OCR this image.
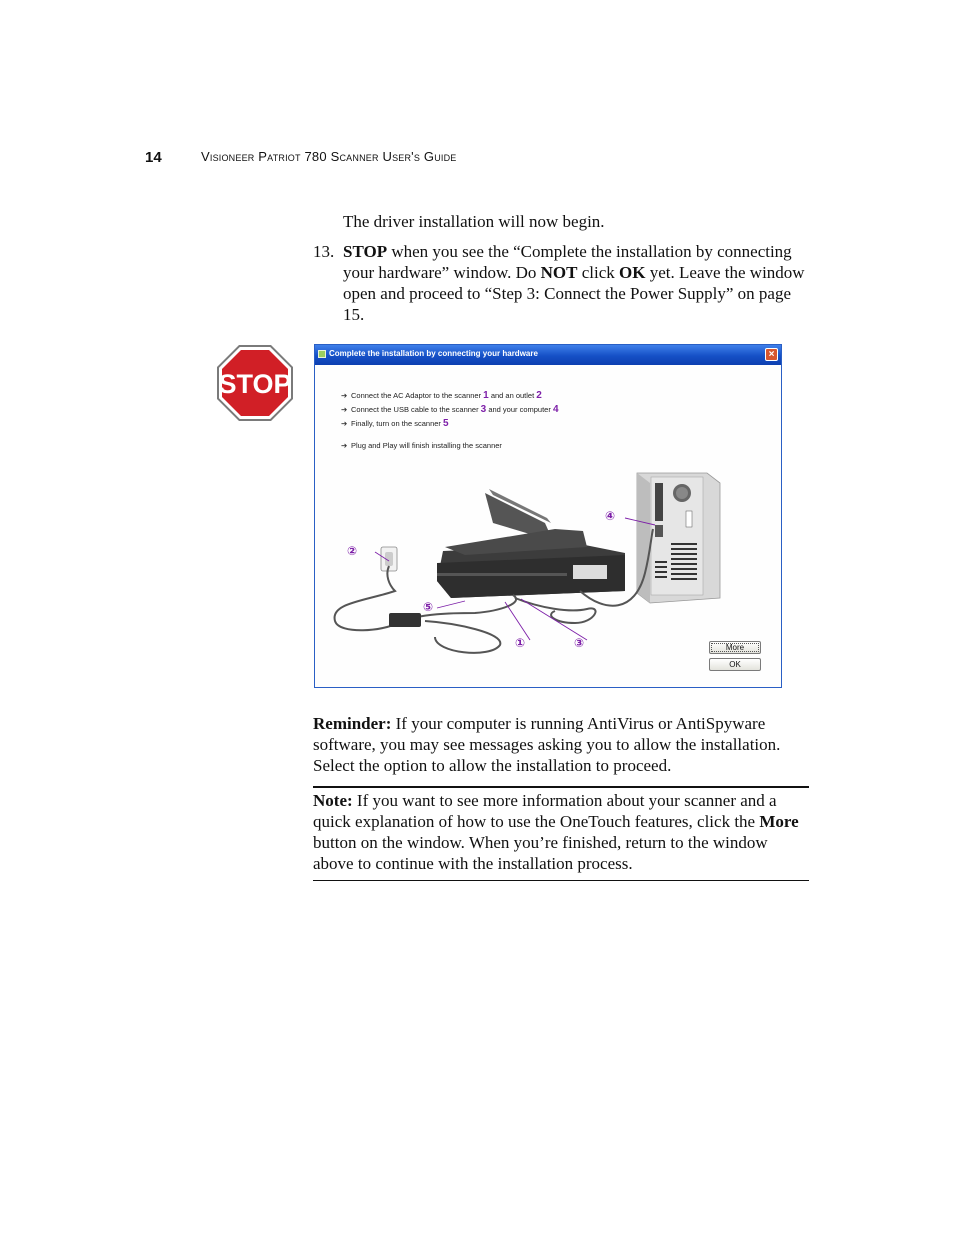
14	Visioneer Patriot 780 Scanner User's Guide
The driver installation will now begin.
13. STOP when you see the “Complete the installation by connecting your hardware” window. Do NOT click OK yet. Leave the window open and proceed to “Step 3: Connect the Power Supply” on page 15.
STOP
Complete the installation by connecting your hardware	×
➔ Connect the AC Adaptor to the scanner 1 and an outlet 2
➔ Connect the USB cable to the scanner 3 and your computer 4
➔ Finally, turn on the scanner 5
➔ Plug and Play will finish installing the scanner
①
②
③
④
⑤
More
OK
Reminder: If your computer is running AntiVirus or AntiSpyware software, you may see messages asking you to allow the installation. Select the option to allow the installation to proceed.
Note: If you want to see more information about your scanner and a quick explanation of how to use the OneTouch features, click the More button on the window. When you’re finished, return to the window above to continue with the installation process.
